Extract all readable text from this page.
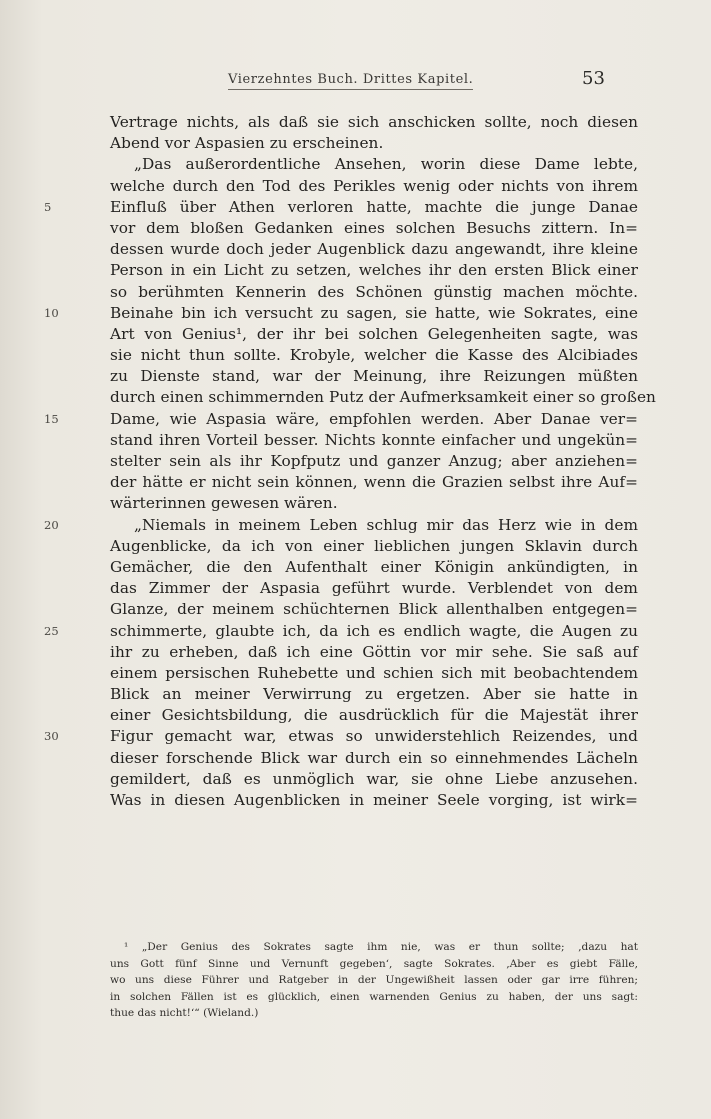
Vierzehntes Buch. Drittes Kapitel.	53
Vertrage nichts, als daß sie sich anschicken sollte, noch diesen
Abend vor Aspasien zu erscheinen.
„Das außerordentliche Ansehen, worin diese Dame lebte,
welche durch den Tod des Perikles wenig oder nichts von ihrem
5	Einfluß über Athen verloren hatte, machte die junge Danae
vor dem bloßen Gedanken eines solchen Besuchs zittern. In=
dessen wurde doch jeder Augenblick dazu angewandt, ihre kleine
Person in ein Licht zu setzen, welches ihr den ersten Blick einer
so berühmten Kennerin des Schönen günstig machen möchte.
10	Beinahe bin ich versucht zu sagen, sie hatte, wie Sokrates, eine
Art von Genius¹, der ihr bei solchen Gelegenheiten sagte, was
sie nicht thun sollte. Krobyle, welcher die Kasse des Alcibiades
zu Dienste stand, war der Meinung, ihre Reizungen müßten
durch einen schimmernden Putz der Aufmerksamkeit einer so großen
15	Dame, wie Aspasia wäre, empfohlen werden. Aber Danae ver=
stand ihren Vorteil besser. Nichts konnte einfacher und ungekün=
stelter sein als ihr Kopfputz und ganzer Anzug; aber anziehen=
der hätte er nicht sein können, wenn die Grazien selbst ihre Auf=
wärterinnen gewesen wären.
20	„Niemals in meinem Leben schlug mir das Herz wie in dem
Augenblicke, da ich von einer lieblichen jungen Sklavin durch
Gemächer, die den Aufenthalt einer Königin ankündigten, in
das Zimmer der Aspasia geführt wurde. Verblendet von dem
Glanze, der meinem schüchternen Blick allenthalben entgegen=
25	schimmerte, glaubte ich, da ich es endlich wagte, die Augen zu
ihr zu erheben, daß ich eine Göttin vor mir sehe. Sie saß auf
einem persischen Ruhebette und schien sich mit beobachtendem
Blick an meiner Verwirrung zu ergetzen. Aber sie hatte in
einer Gesichtsbildung, die ausdrücklich für die Majestät ihrer
30	Figur gemacht war, etwas so unwiderstehlich Reizendes, und
dieser forschende Blick war durch ein so einnehmendes Lächeln
gemildert, daß es unmöglich war, sie ohne Liebe anzusehen.
Was in diesen Augenblicken in meiner Seele vorging, ist wirk=
¹ „Der Genius des Sokrates sagte ihm nie, was er thun sollte; ‚dazu hat
uns Gott fünf Sinne und Vernunft gegeben‘, sagte Sokrates. ‚Aber es giebt Fälle,
wo uns diese Führer und Ratgeber in der Ungewißheit lassen oder gar irre führen;
in solchen Fällen ist es glücklich, einen warnenden Genius zu haben, der uns sagt:
thue das nicht!‘“ (Wieland.)
